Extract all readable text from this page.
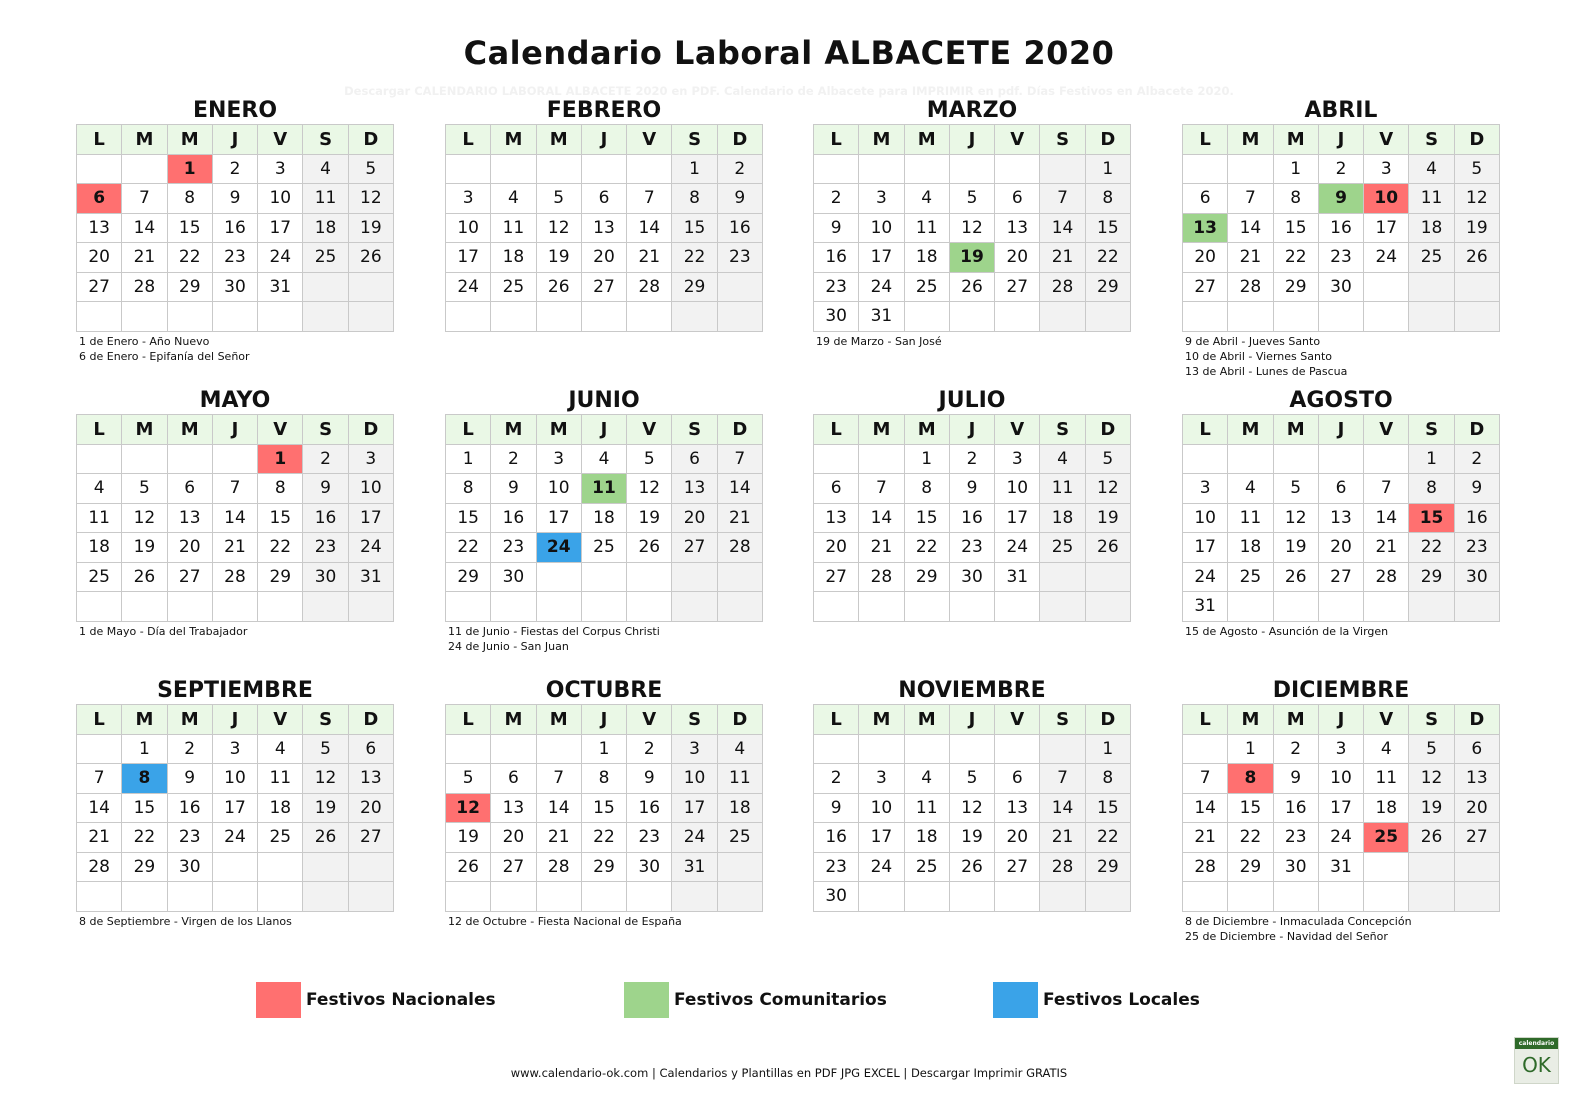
Calendario Laboral ALBACETE 2020
Descargar CALENDARIO LABORAL ALBACETE 2020 en PDF. Calendario de Albacete para IMPRIMIR en pdf. Días Festivos en Albacete 2020.
ENERO
L	M	M	J	V	S	D
		1	2	3	4	5
6	7	8	9	10	11	12
13	14	15	16	17	18	19
20	21	22	23	24	25	26
27	28	29	30	31		

1 de Enero - Año Nuevo
6 de Enero - Epifanía del Señor
FEBRERO
L	M	M	J	V	S	D
					1	2
3	4	5	6	7	8	9
10	11	12	13	14	15	16
17	18	19	20	21	22	23
24	25	26	27	28	29	

MARZO
L	M	M	J	V	S	D
						1
2	3	4	5	6	7	8
9	10	11	12	13	14	15
16	17	18	19	20	21	22
23	24	25	26	27	28	29
30	31					
19 de Marzo - San José
ABRIL
L	M	M	J	V	S	D
		1	2	3	4	5
6	7	8	9	10	11	12
13	14	15	16	17	18	19
20	21	22	23	24	25	26
27	28	29	30			

9 de Abril - Jueves Santo
10 de Abril - Viernes Santo
13 de Abril - Lunes de Pascua
MAYO
L	M	M	J	V	S	D
				1	2	3
4	5	6	7	8	9	10
11	12	13	14	15	16	17
18	19	20	21	22	23	24
25	26	27	28	29	30	31

1 de Mayo - Día del Trabajador
JUNIO
L	M	M	J	V	S	D
1	2	3	4	5	6	7
8	9	10	11	12	13	14
15	16	17	18	19	20	21
22	23	24	25	26	27	28
29	30					

11 de Junio - Fiestas del Corpus Christi
24 de Junio - San Juan
JULIO
L	M	M	J	V	S	D
		1	2	3	4	5
6	7	8	9	10	11	12
13	14	15	16	17	18	19
20	21	22	23	24	25	26
27	28	29	30	31		

AGOSTO
L	M	M	J	V	S	D
					1	2
3	4	5	6	7	8	9
10	11	12	13	14	15	16
17	18	19	20	21	22	23
24	25	26	27	28	29	30
31						
15 de Agosto - Asunción de la Virgen
SEPTIEMBRE
L	M	M	J	V	S	D
	1	2	3	4	5	6
7	8	9	10	11	12	13
14	15	16	17	18	19	20
21	22	23	24	25	26	27
28	29	30				

8 de Septiembre - Virgen de los Llanos
OCTUBRE
L	M	M	J	V	S	D
			1	2	3	4
5	6	7	8	9	10	11
12	13	14	15	16	17	18
19	20	21	22	23	24	25
26	27	28	29	30	31	

12 de Octubre - Fiesta Nacional de España
NOVIEMBRE
L	M	M	J	V	S	D
						1
2	3	4	5	6	7	8
9	10	11	12	13	14	15
16	17	18	19	20	21	22
23	24	25	26	27	28	29
30						
DICIEMBRE
L	M	M	J	V	S	D
	1	2	3	4	5	6
7	8	9	10	11	12	13
14	15	16	17	18	19	20
21	22	23	24	25	26	27
28	29	30	31			

8 de Diciembre - Inmaculada Concepción
25 de Diciembre - Navidad del Señor
Festivos Nacionales	Festivos Comunitarios	Festivos Locales
www.calendario-ok.com | Calendarios y Plantillas en PDF JPG EXCEL | Descargar Imprimir GRATIS
calendario
OK
